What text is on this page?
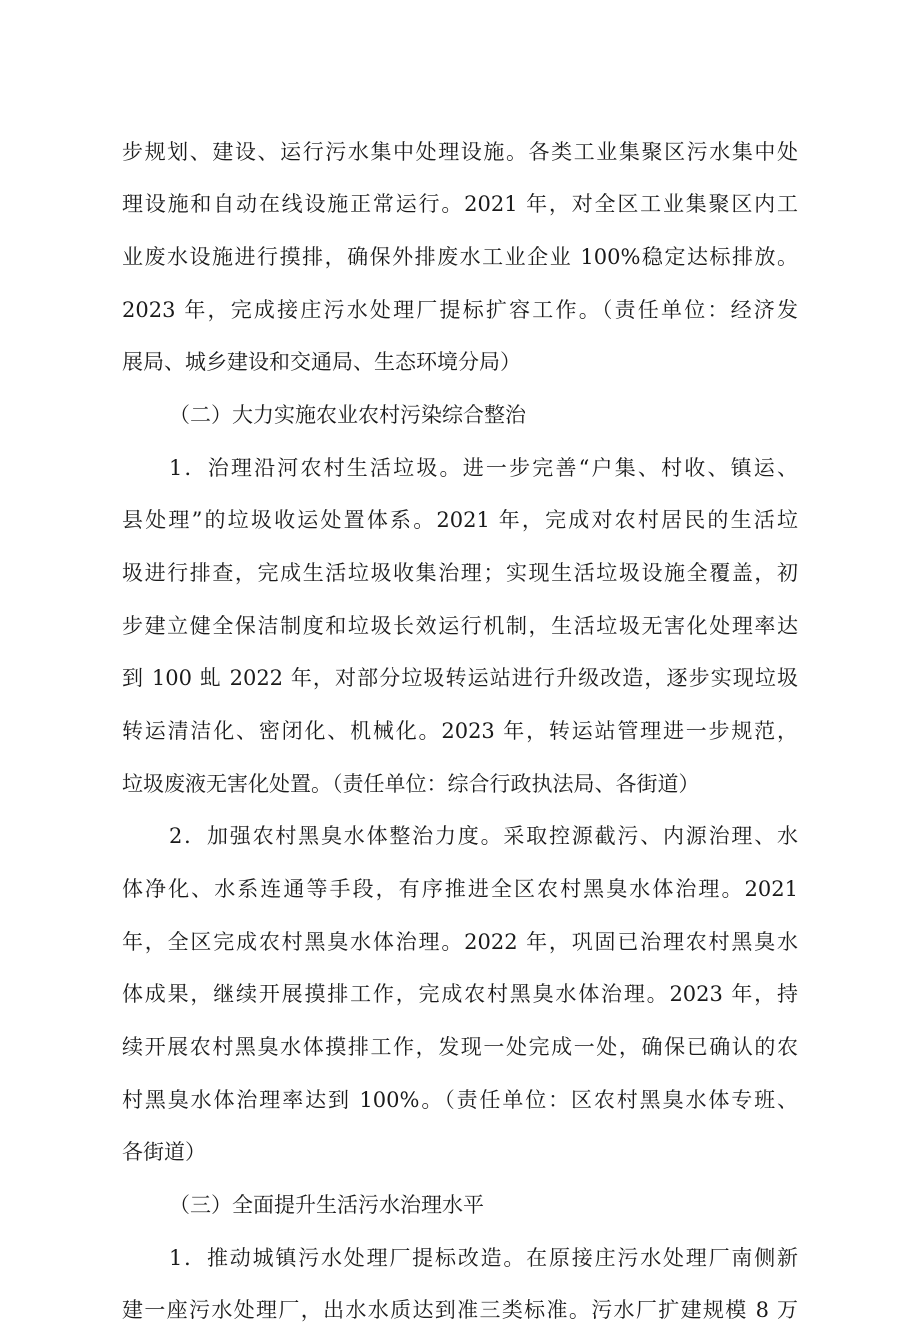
步规划、建设、运行污水集中处理设施。各类工业集聚区污水集中处

理设施和自动在线设施正常运行。2021 年，对全区工业集聚区内工

业废水设施进行摸排，确保外排废水工业企业 100%稳定达标排放。

2023 年，完成接庄污水处理厂提标扩容工作。（责任单位：经济发

展局、城乡建设和交通局、生态环境分局）

（二）大力实施农业农村污染综合整治

1．治理沿河农村生活垃圾。进一步完善“户集、村收、镇运、

县处理”的垃圾收运处置体系。2021 年，完成对农村居民的生活垃

圾进行排查，完成生活垃圾收集治理；实现生活垃圾设施全覆盖，初

步建立健全保洁制度和垃圾长效运行机制，生活垃圾无害化处理率达

到 100 虬 2022 年，对部分垃圾转运站进行升级改造，逐步实现垃圾

转运清洁化、密闭化、机械化。2023 年，转运站管理进一步规范，

垃圾废液无害化处置。（责任单位：综合行政执法局、各街道）

2．加强农村黑臭水体整治力度。采取控源截污、内源治理、水

体净化、水系连通等手段，有序推进全区农村黑臭水体治理。2021

年，全区完成农村黑臭水体治理。2022 年，巩固已治理农村黑臭水

体成果，继续开展摸排工作，完成农村黑臭水体治理。2023 年，持

续开展农村黑臭水体摸排工作，发现一处完成一处，确保已确认的农

村黑臭水体治理率达到 100%。（责任单位：区农村黑臭水体专班、

各街道）

（三）全面提升生活污水治理水平

1．推动城镇污水处理厂提标改造。在原接庄污水处理厂南侧新

建一座污水处理厂，出水水质达到准三类标准。污水厂扩建规模 8 万
